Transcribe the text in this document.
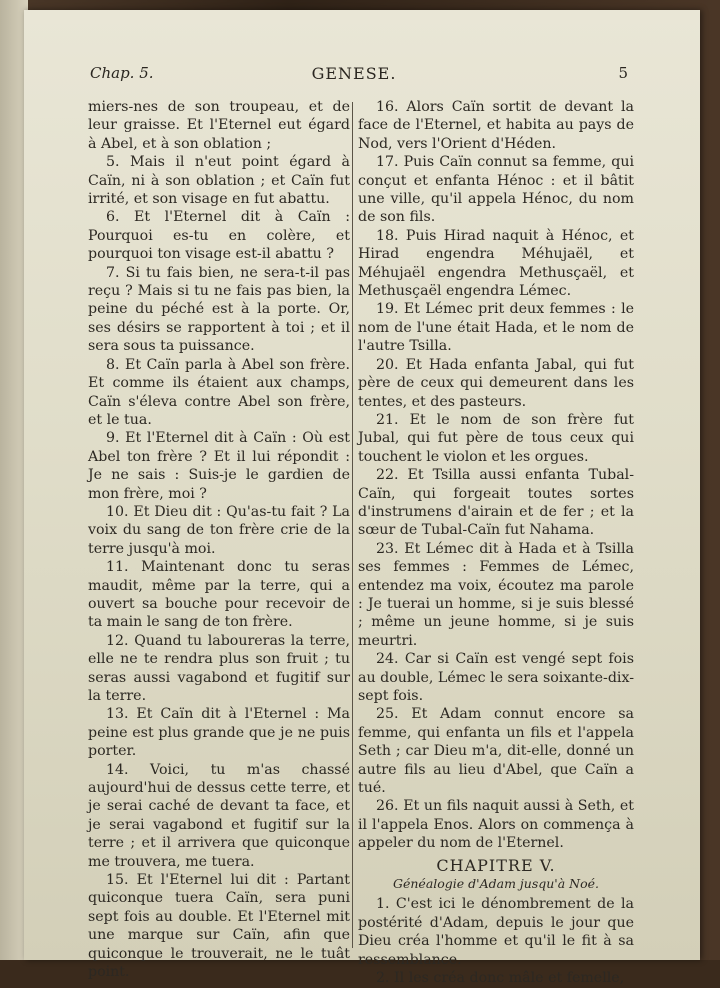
Chap. 5.	GENESE.	5

miers-nes de son troupeau, et de leur graisse. Et l'Eternel eut égard à Abel, et à son oblation ;

5. Mais il n'eut point égard à Caïn, ni à son oblation ; et Caïn fut irrité, et son visage en fut abattu.

6. Et l'Eternel dit à Caïn : Pourquoi es-tu en colère, et pourquoi ton visage est-il abattu ?

7. Si tu fais bien, ne sera-t-il pas reçu ? Mais si tu ne fais pas bien, la peine du péché est à la porte. Or, ses désirs se rapportent à toi ; et il sera sous ta puissance.

8. Et Caïn parla à Abel son frère. Et comme ils étaient aux champs, Caïn s'éleva contre Abel son frère, et le tua.

9. Et l'Eternel dit à Caïn : Où est Abel ton frère ? Et il lui répondit : Je ne sais : Suis-je le gardien de mon frère, moi ?

10. Et Dieu dit : Qu'as-tu fait ? La voix du sang de ton frère crie de la terre jusqu'à moi.

11. Maintenant donc tu seras maudit, même par la terre, qui a ouvert sa bouche pour recevoir de ta main le sang de ton frère.

12. Quand tu laboureras la terre, elle ne te rendra plus son fruit ; tu seras aussi vagabond et fugitif sur la terre.

13. Et Caïn dit à l'Eternel : Ma peine est plus grande que je ne puis porter.

14. Voici, tu m'as chassé aujourd'hui de dessus cette terre, et je serai caché de devant ta face, et je serai vagabond et fugitif sur la terre ; et il arrivera que quiconque me trouvera, me tuera.

15. Et l'Eternel lui dit : Partant quiconque tuera Caïn, sera puni sept fois au double. Et l'Eternel mit une marque sur Caïn, afin que quiconque le trouverait, ne le tuât point.

16. Alors Caïn sortit de devant la face de l'Eternel, et habita au pays de Nod, vers l'Orient d'Héden.

17. Puis Caïn connut sa femme, qui conçut et enfanta Hénoc : et il bâtit une ville, qu'il appela Hénoc, du nom de son fils.

18. Puis Hirad naquit à Hénoc, et Hirad engendra Méhujaël, et Méhujaël engendra Methusçaël, et Methusçaël engendra Lémec.

19. Et Lémec prit deux femmes : le nom de l'une était Hada, et le nom de l'autre Tsilla.

20. Et Hada enfanta Jabal, qui fut père de ceux qui demeurent dans les tentes, et des pasteurs.

21. Et le nom de son frère fut Jubal, qui fut père de tous ceux qui touchent le violon et les orgues.

22. Et Tsilla aussi enfanta Tubal-Caïn, qui forgeait toutes sortes d'instrumens d'airain et de fer ; et la sœur de Tubal-Caïn fut Nahama.

23. Et Lémec dit à Hada et à Tsilla ses femmes : Femmes de Lémec, entendez ma voix, écoutez ma parole : Je tuerai un homme, si je suis blessé ; même un jeune homme, si je suis meurtri.

24. Car si Caïn est vengé sept fois au double, Lémec le sera soixante-dix-sept fois.

25. Et Adam connut encore sa femme, qui enfanta un fils et l'appela Seth ; car Dieu m'a, dit-elle, donné un autre fils au lieu d'Abel, que Caïn a tué.

26. Et un fils naquit aussi à Seth, et il l'appela Enos. Alors on commença à appeler du nom de l'Eternel.

CHAPITRE V.

Généalogie d'Adam jusqu'à Noé.

1. C'est ici le dénombrement de la postérité d'Adam, depuis le jour que Dieu créa l'homme et qu'il le fit à sa ressemblance.

2. Il les créa donc mâle et femelle,
